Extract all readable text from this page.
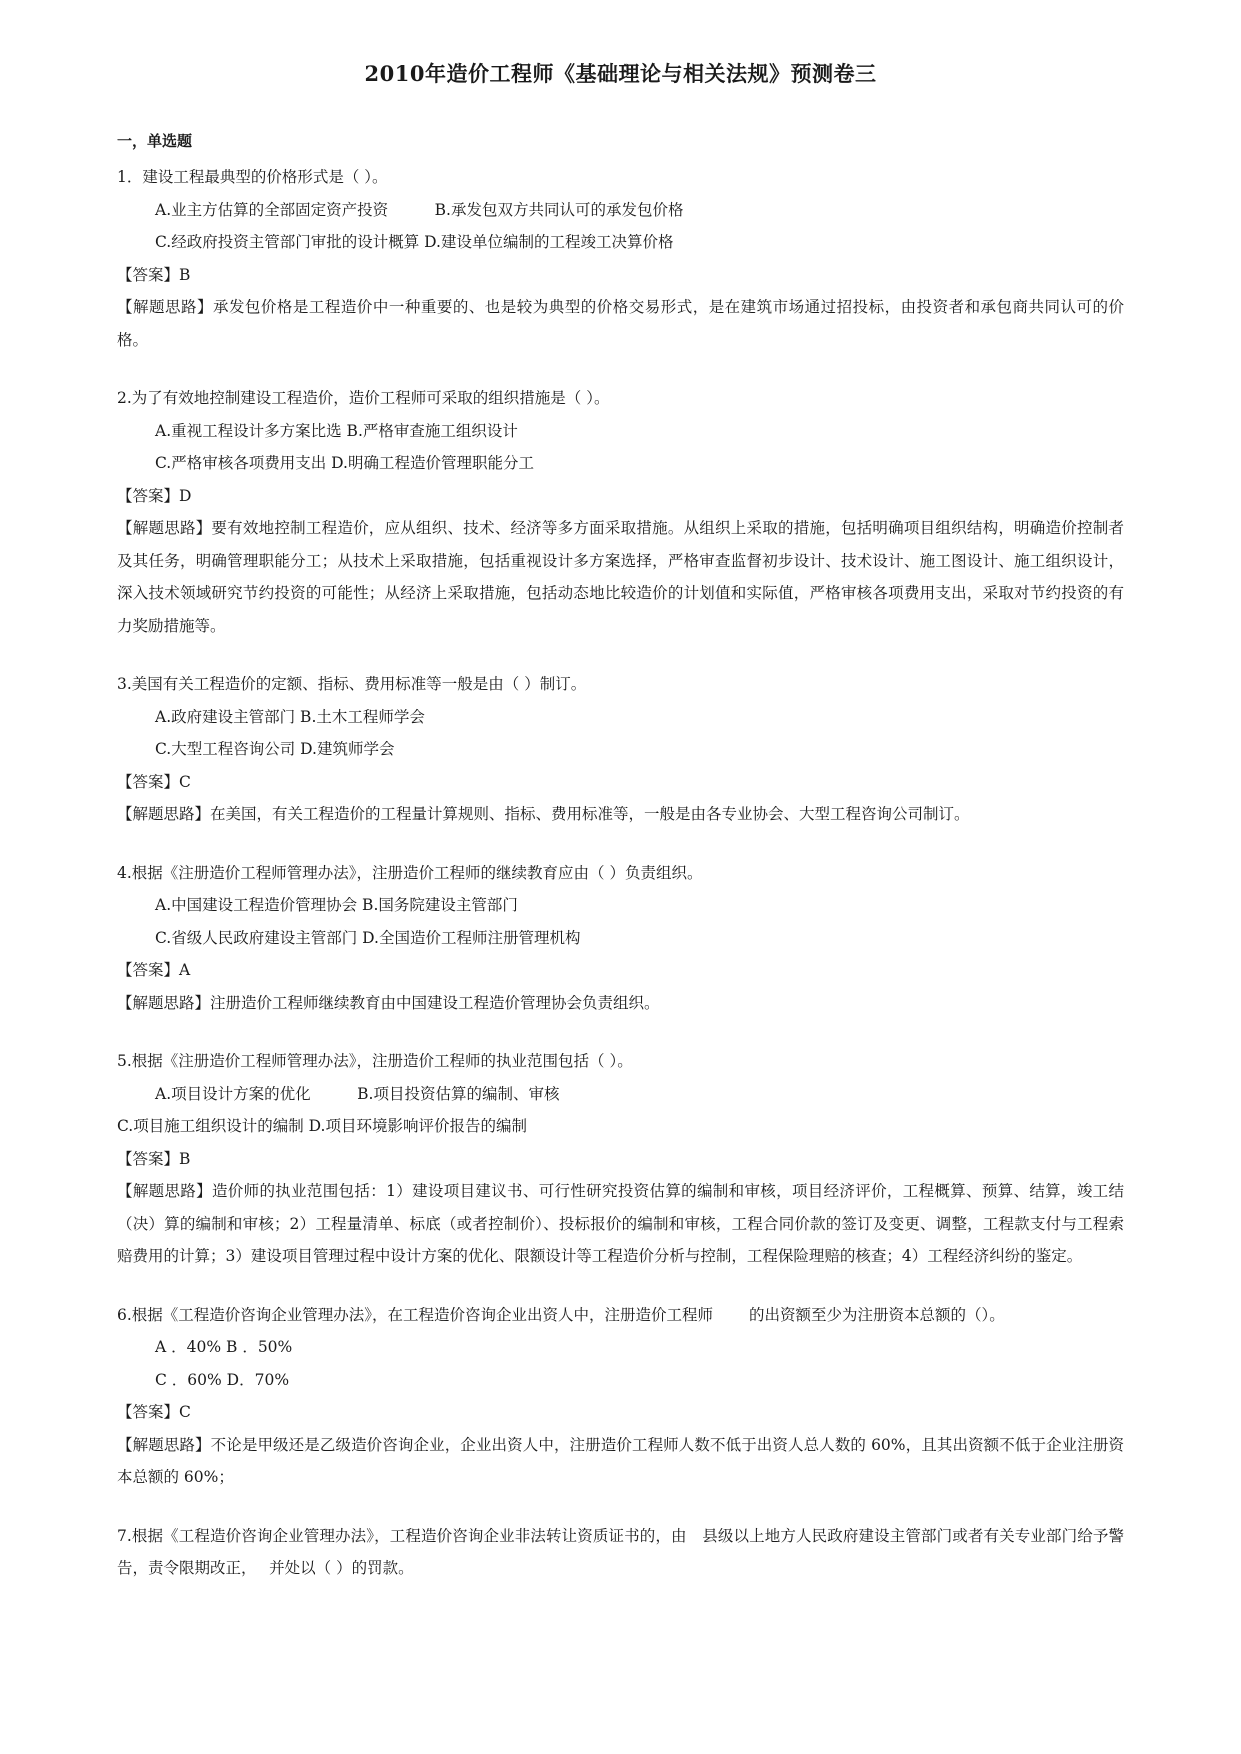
2010年造价工程师《基础理论与相关法规》预测卷三
一，单选题

1．建设工程最典型的价格形式是（ ）。

A.业主方估算的全部固定资产投资　　　B.承发包双方共同认可的承发包价格

C.经政府投资主管部门审批的设计概算 D.建设单位编制的工程竣工决算价格

【答案】B

【解题思路】承发包价格是工程造价中一种重要的、也是较为典型的价格交易形式，是在建筑市场通过招投标，由投资者和承包商共同认可的价格。

2.为了有效地控制建设工程造价，造价工程师可采取的组织措施是（ ）。

A.重视工程设计多方案比选 B.严格审查施工组织设计

C.严格审核各项费用支出 D.明确工程造价管理职能分工

【答案】D

【解题思路】要有效地控制工程造价，应从组织、技术、经济等多方面采取措施。从组织上采取的措施，包括明确项目组织结构，明确造价控制者及其任务，明确管理职能分工；从技术上采取措施，包括重视设计多方案选择，严格审查监督初步设计、技术设计、施工图设计、施工组织设计，深入技术领域研究节约投资的可能性；从经济上采取措施，包括动态地比较造价的计划值和实际值，严格审核各项费用支出，采取对节约投资的有力奖励措施等。

3.美国有关工程造价的定额、指标、费用标准等一般是由（ ）制订。

A.政府建设主管部门 B.土木工程师学会

C.大型工程咨询公司 D.建筑师学会

【答案】C

【解题思路】在美国，有关工程造价的工程量计算规则、指标、费用标准等，一般是由各专业协会、大型工程咨询公司制订。

4.根据《注册造价工程师管理办法》，注册造价工程师的继续教育应由（ ）负责组织。

A.中国建设工程造价管理协会 B.国务院建设主管部门

C.省级人民政府建设主管部门 D.全国造价工程师注册管理机构

【答案】A

【解题思路】注册造价工程师继续教育由中国建设工程造价管理协会负责组织。

5.根据《注册造价工程师管理办法》，注册造价工程师的执业范围包括（ ）。

A.项目设计方案的优化　　　B.项目投资估算的编制、审核

C.项目施工组织设计的编制 D.项目环境影响评价报告的编制

【答案】B

【解题思路】造价师的执业范围包括：1）建设项目建议书、可行性研究投资估算的编制和审核，项目经济评价，工程概算、预算、结算，竣工结（决）算的编制和审核；2）工程量清单、标底（或者控制价）、投标报价的编制和审核，工程合同价款的签订及变更、调整，工程款支付与工程索赔费用的计算；3）建设项目管理过程中设计方案的优化、限额设计等工程造价分析与控制，工程保险理赔的核查；4）工程经济纠纷的鉴定。

6.根据《工程造价咨询企业管理办法》，在工程造价咨询企业出资人中，注册造价工程师　　 的出资额至少为注册资本总额的（）。

A ．40% B ．50%

C ．60% D．70%

【答案】C

【解题思路】不论是甲级还是乙级造价咨询企业，企业出资人中，注册造价工程师人数不低于出资人总人数的 60%，且其出资额不低于企业注册资本总额的 60%；

7.根据《工程造价咨询企业管理办法》，工程造价咨询企业非法转让资质证书的，由　县级以上地方人民政府建设主管部门或者有关专业部门给予警告，责令限期改正，　 并处以（ ）的罚款。
